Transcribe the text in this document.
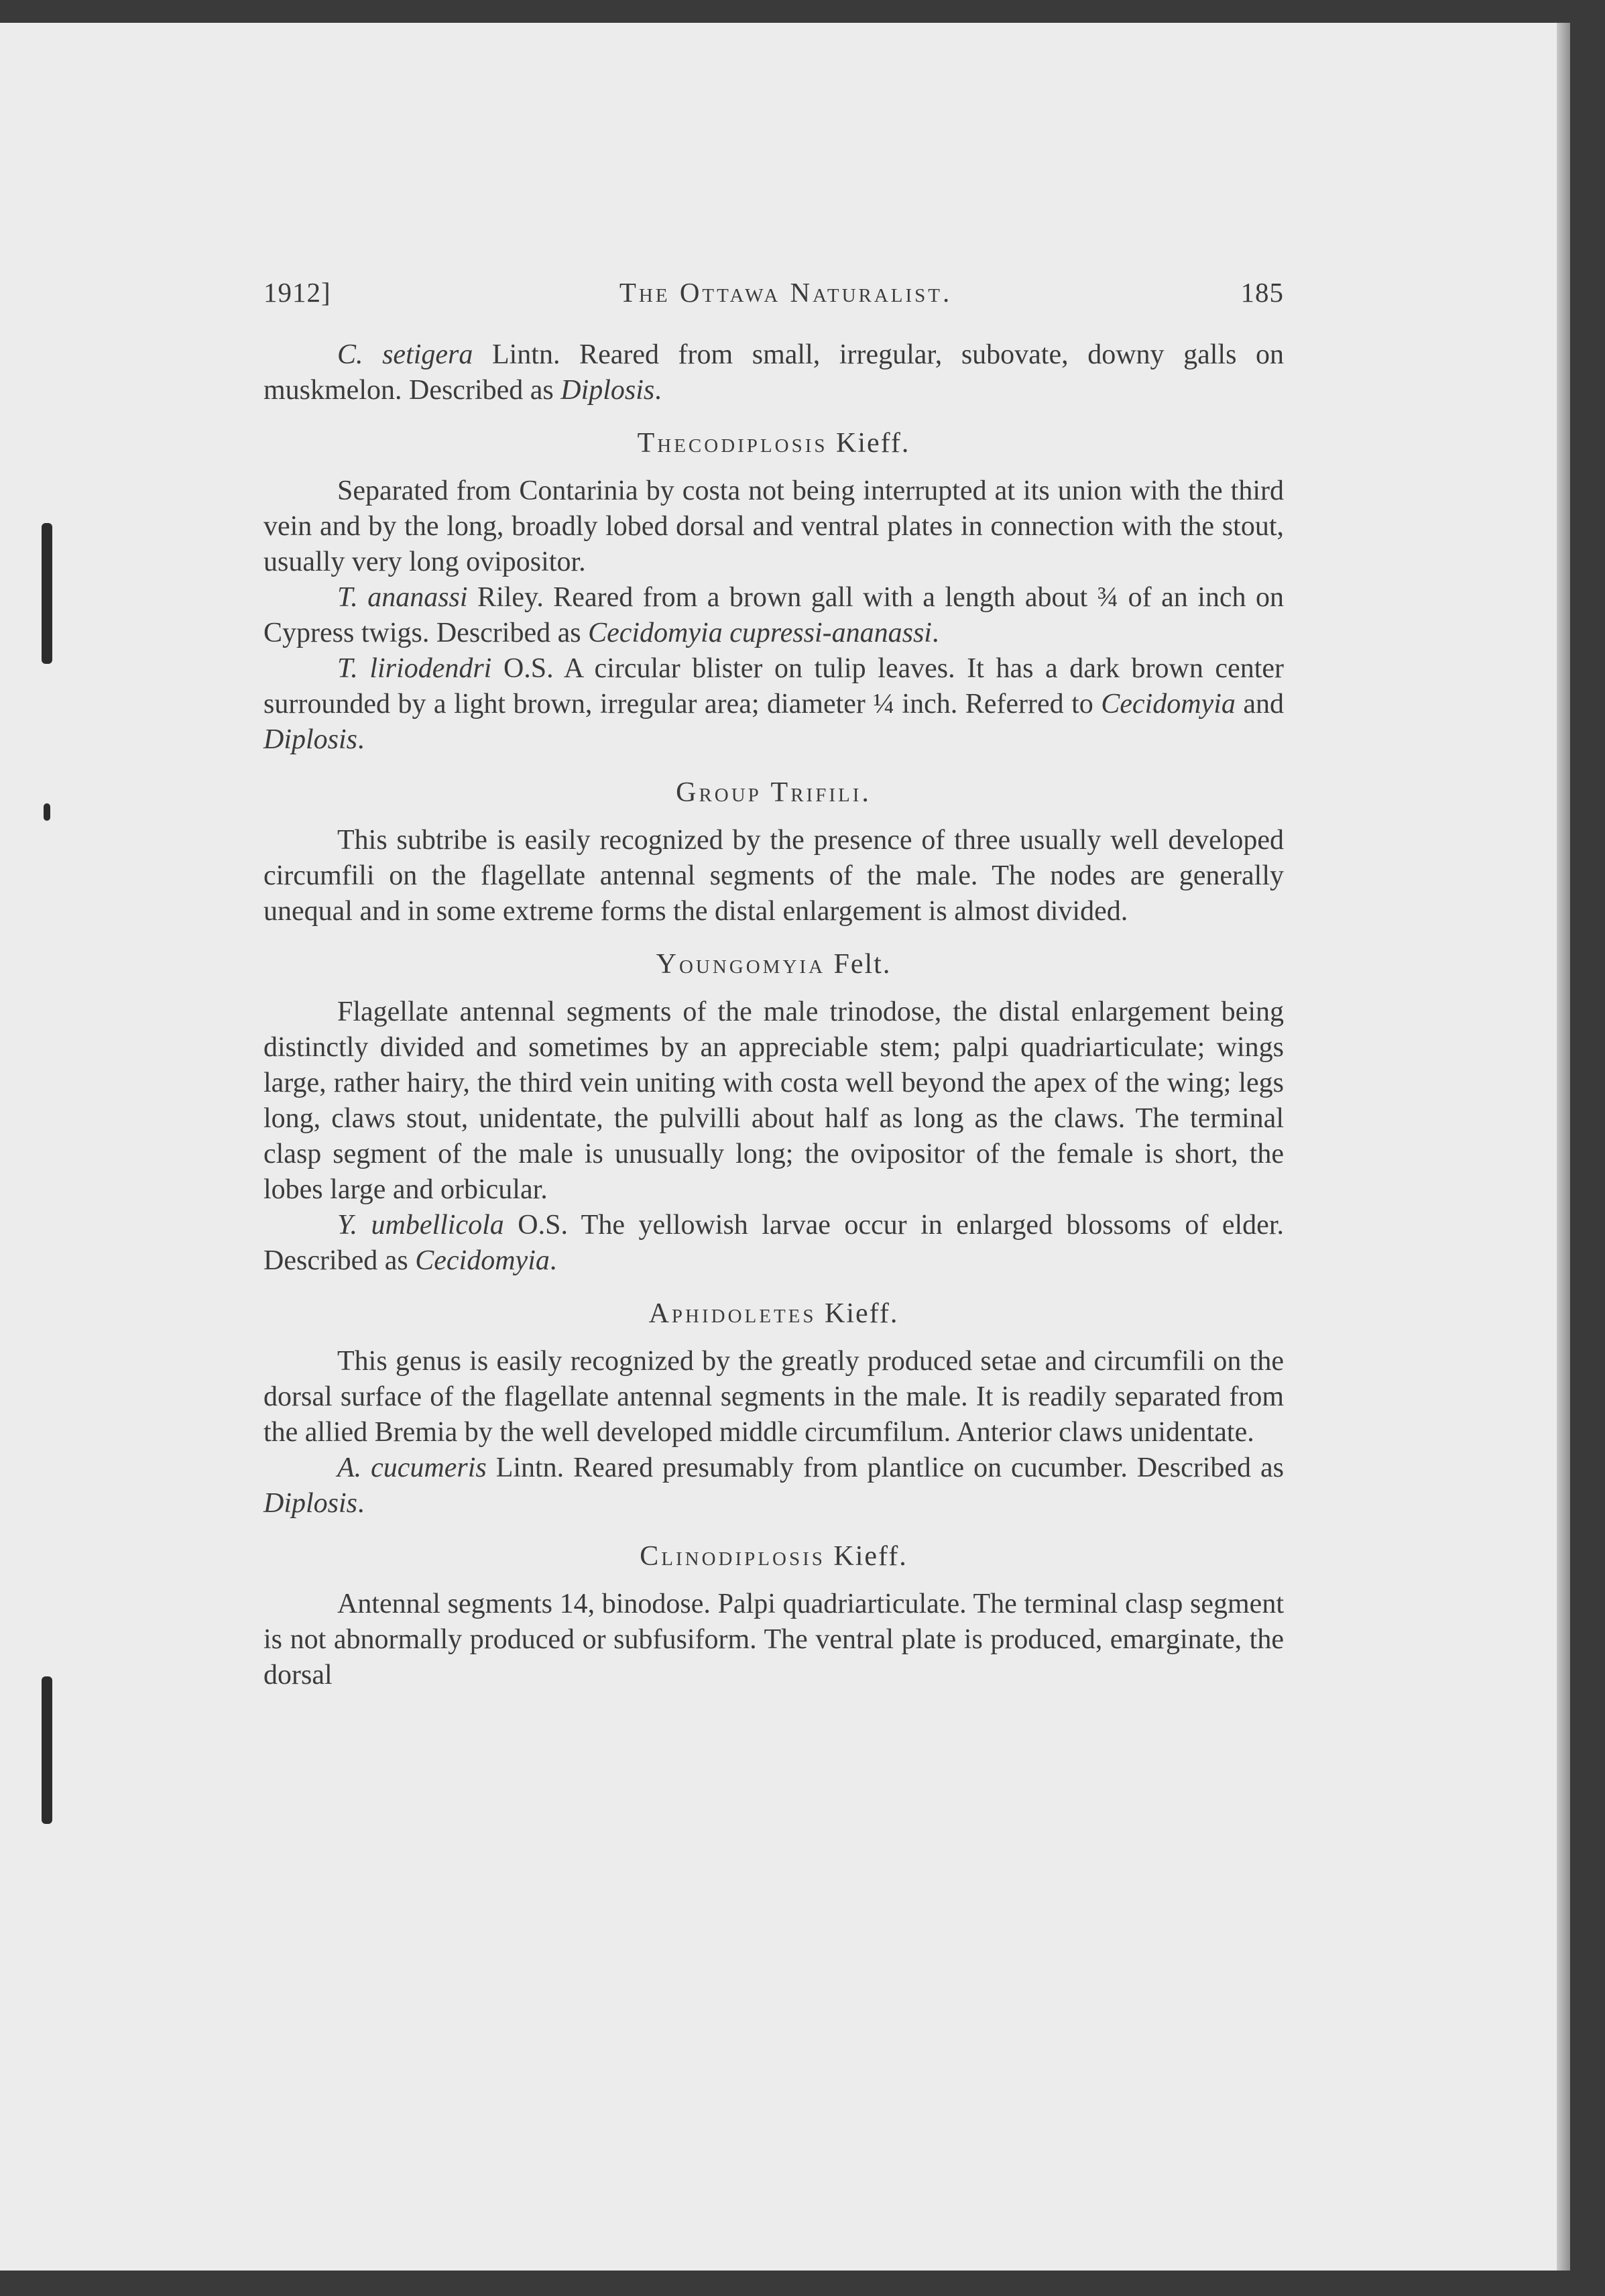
1912]	The Ottawa Naturalist.	185

C. setigera Lintn. Reared from small, irregular, subovate, downy galls on muskmelon. Described as Diplosis.

Thecodiplosis Kieff.

Separated from Contarinia by costa not being interrupted at its union with the third vein and by the long, broadly lobed dorsal and ventral plates in connection with the stout, usually very long ovipositor.

T. ananassi Riley. Reared from a brown gall with a length about ¾ of an inch on Cypress twigs. Described as Cecidomyia cupressi-ananassi.

T. liriodendri O.S. A circular blister on tulip leaves. It has a dark brown center surrounded by a light brown, irregular area; diameter ¼ inch. Referred to Cecidomyia and Diplosis.

Group Trifili.

This subtribe is easily recognized by the presence of three usually well developed circumfili on the flagellate antennal segments of the male. The nodes are generally unequal and in some extreme forms the distal enlargement is almost divided.

Youngomyia Felt.

Flagellate antennal segments of the male trinodose, the distal enlargement being distinctly divided and sometimes by an appreciable stem; palpi quadriarticulate; wings large, rather hairy, the third vein uniting with costa well beyond the apex of the wing; legs long, claws stout, unidentate, the pulvilli about half as long as the claws. The terminal clasp segment of the male is unusually long; the ovipositor of the female is short, the lobes large and orbicular.

Y. umbellicola O.S. The yellowish larvae occur in enlarged blossoms of elder. Described as Cecidomyia.

Aphidoletes Kieff.

This genus is easily recognized by the greatly produced setae and circumfili on the dorsal surface of the flagellate antennal segments in the male. It is readily separated from the allied Bremia by the well developed middle circumfilum. Anterior claws unidentate.

A. cucumeris Lintn. Reared presumably from plantlice on cucumber. Described as Diplosis.

Clinodiplosis Kieff.

Antennal segments 14, binodose. Palpi quadriarticulate. The terminal clasp segment is not abnormally produced or subfusiform. The ventral plate is produced, emarginate, the dorsal
